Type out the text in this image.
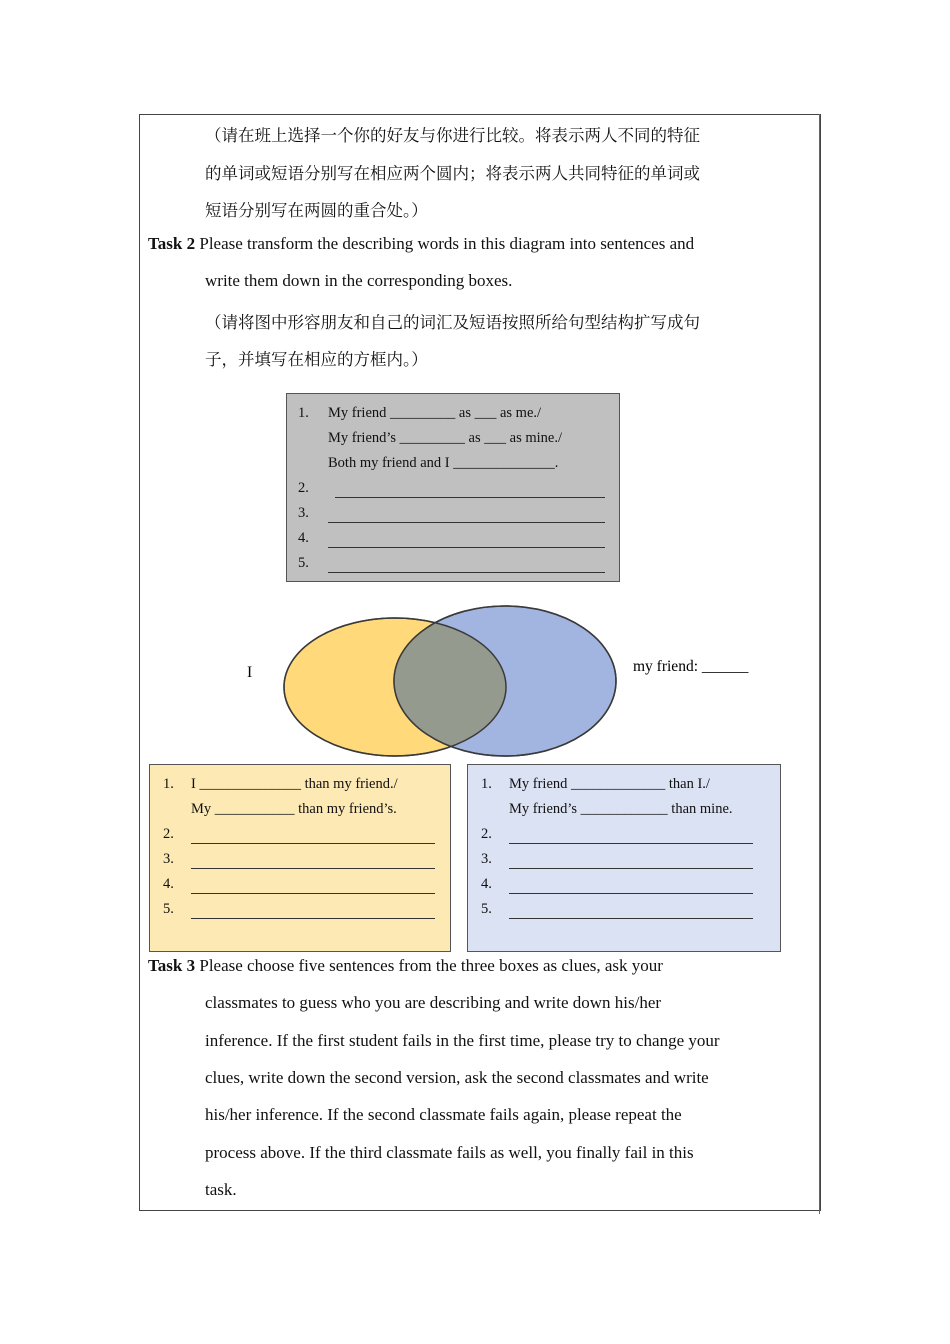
（请在班上选择一个你的好友与你进行比较。将表示两人不同的特征
的单词或短语分别写在相应两个圆内；将表示两人共同特征的单词或
短语分别写在两圆的重合处。）
Task 2 Please transform the describing words in this diagram into sentences and
write them down in the corresponding boxes.
（请将图中形容朋友和自己的词汇及短语按照所给句型结构扩写成句
子，并填写在相应的方框内。）
1. My friend _________ as ___ as me./
My friend’s _________ as ___ as mine./
Both my friend and I ______________.
2.
3.
4.
5.
I	my friend: ______
1. I ______________ than my friend./
My ___________ than my friend’s.
2.
3.
4.
5.
1. My friend _____________ than I./
My friend’s ____________ than mine.
2.
3.
4.
5.
Task 3 Please choose five sentences from the three boxes as clues, ask your
classmates to guess who you are describing and write down his/her
inference. If the first student fails in the first time, please try to change your
clues, write down the second version, ask the second classmates and write
his/her inference. If the second classmate fails again, please repeat the
process above. If the third classmate fails as well, you finally fail in this
task.
